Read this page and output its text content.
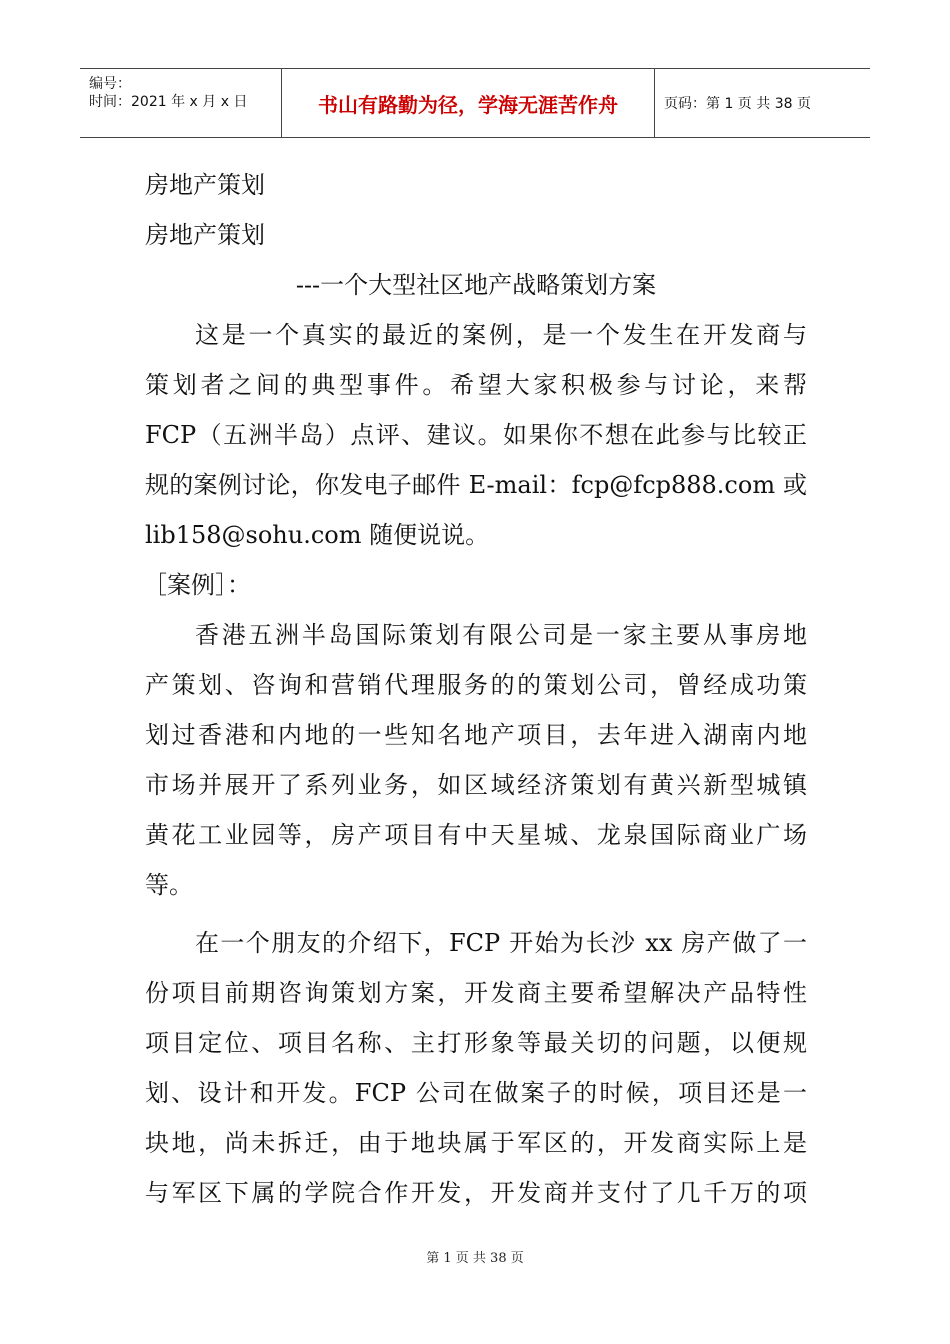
编号：
时间：2021 年 x 月 x 日	书山有路勤为径，学海无涯苦作舟	页码：第 1 页 共 38 页
房地产策划
房地产策划
---一个大型社区地产战略策划方案
这是一个真实的最近的案例，是一个发生在开发商与
策划者之间的典型事件。希望大家积极参与讨论，来帮
FCP（五洲半岛）点评、建议。如果你不想在此参与比较正
规的案例讨论，你发电子邮件 E-mail：fcp@fcp888.com 或
lib158@sohu.com 随便说说。
［案例］：
香港五洲半岛国际策划有限公司是一家主要从事房地
产策划、咨询和营销代理服务的的策划公司，曾经成功策
划过香港和内地的一些知名地产项目，去年进入湖南内地
市场并展开了系列业务，如区域经济策划有黄兴新型城镇
黄花工业园等，房产项目有中天星城、龙泉国际商业广场
等。
在一个朋友的介绍下，FCP 开始为长沙 xx 房产做了一
份项目前期咨询策划方案，开发商主要希望解决产品特性
项目定位、项目名称、主打形象等最关切的问题，以便规
划、设计和开发。FCP 公司在做案子的时候，项目还是一
块地，尚未拆迁，由于地块属于军区的，开发商实际上是
与军区下属的学院合作开发，开发商并支付了几千万的项
第 1 页 共 38 页
